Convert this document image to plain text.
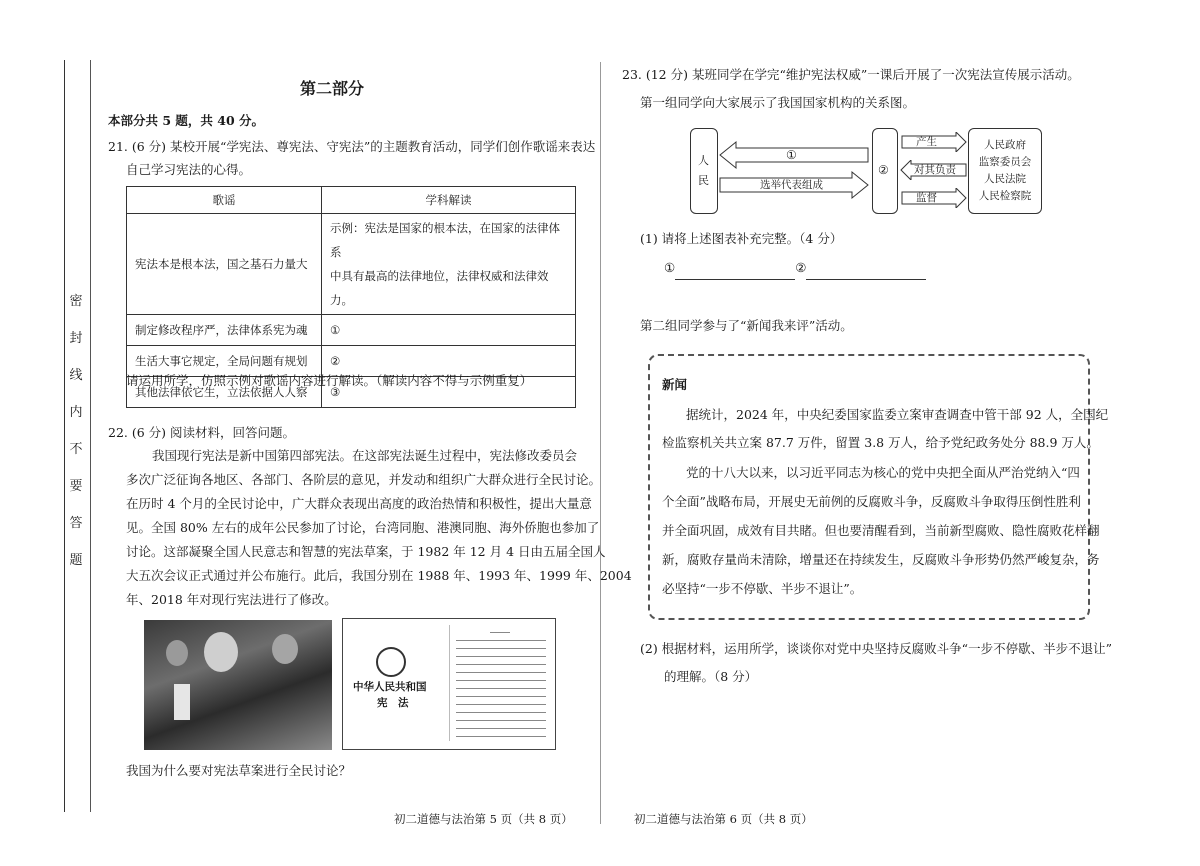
密
封
线
内
不
要
答
题
第二部分
本部分共 5 题，共 40 分。
21. (6 分) 某校开展“学宪法、尊宪法、守宪法”的主题教育活动，同学们创作歌谣来表达
自己学习宪法的心得。
歌谣	学科解读
宪法本是根本法，国之基石力量大	示例：宪法是国家的根本法，在国家的法律体系
中具有最高的法律地位，法律权威和法律效力。
制定修改程序严，法律体系宪为魂	①
生活大事它规定，全局问题有规划	②
其他法律依它生，立法依据人人察	③
请运用所学，仿照示例对歌谣内容进行解读。（解读内容不得与示例重复）
22. (6 分) 阅读材料，回答问题。
我国现行宪法是新中国第四部宪法。在这部宪法诞生过程中，宪法修改委员会
多次广泛征询各地区、各部门、各阶层的意见，并发动和组织广大群众进行全民讨论。
在历时 4 个月的全民讨论中，广大群众表现出高度的政治热情和积极性，提出大量意
见。全国 80% 左右的成年公民参加了讨论，台湾同胞、港澳同胞、海外侨胞也参加了
讨论。这部凝聚全国人民意志和智慧的宪法草案，于 1982 年 12 月 4 日由五届全国人
大五次会议正式通过并公布施行。此后，我国分别在 1988 年、1993 年、1999 年、2004
年、2018 年对现行宪法进行了修改。
中华人民共和国
宪　法
我国为什么要对宪法草案进行全民讨论？
初二道德与法治第 5 页（共 8 页）
23. (12 分) 某班同学在学完“维护宪法权威”一课后开展了一次宪法宣传展示活动。
第一组同学向大家展示了我国国家机构的关系图。
人民
①
选举代表组成
②
产生
对其负责
监督
人民政府
监察委员会
人民法院
人民检察院
(1) 请将上述图表补充完整。（4 分）
①	②
第二组同学参与了“新闻我来评”活动。
新闻
据统计，2024 年，中央纪委国家监委立案审查调查中管干部 92 人，全国纪
检监察机关共立案 87.7 万件，留置 3.8 万人，给予党纪政务处分 88.9 万人。
党的十八大以来，以习近平同志为核心的党中央把全面从严治党纳入“四
个全面”战略布局，开展史无前例的反腐败斗争，反腐败斗争取得压倒性胜利
并全面巩固，成效有目共睹。但也要清醒看到，当前新型腐败、隐性腐败花样翻
新，腐败存量尚未清除，增量还在持续发生，反腐败斗争形势仍然严峻复杂，务
必坚持“一步不停歇、半步不退让”。
(2) 根据材料，运用所学，谈谈你对党中央坚持反腐败斗争“一步不停歇、半步不退让”
的理解。（8 分）
初二道德与法治第 6 页（共 8 页）
